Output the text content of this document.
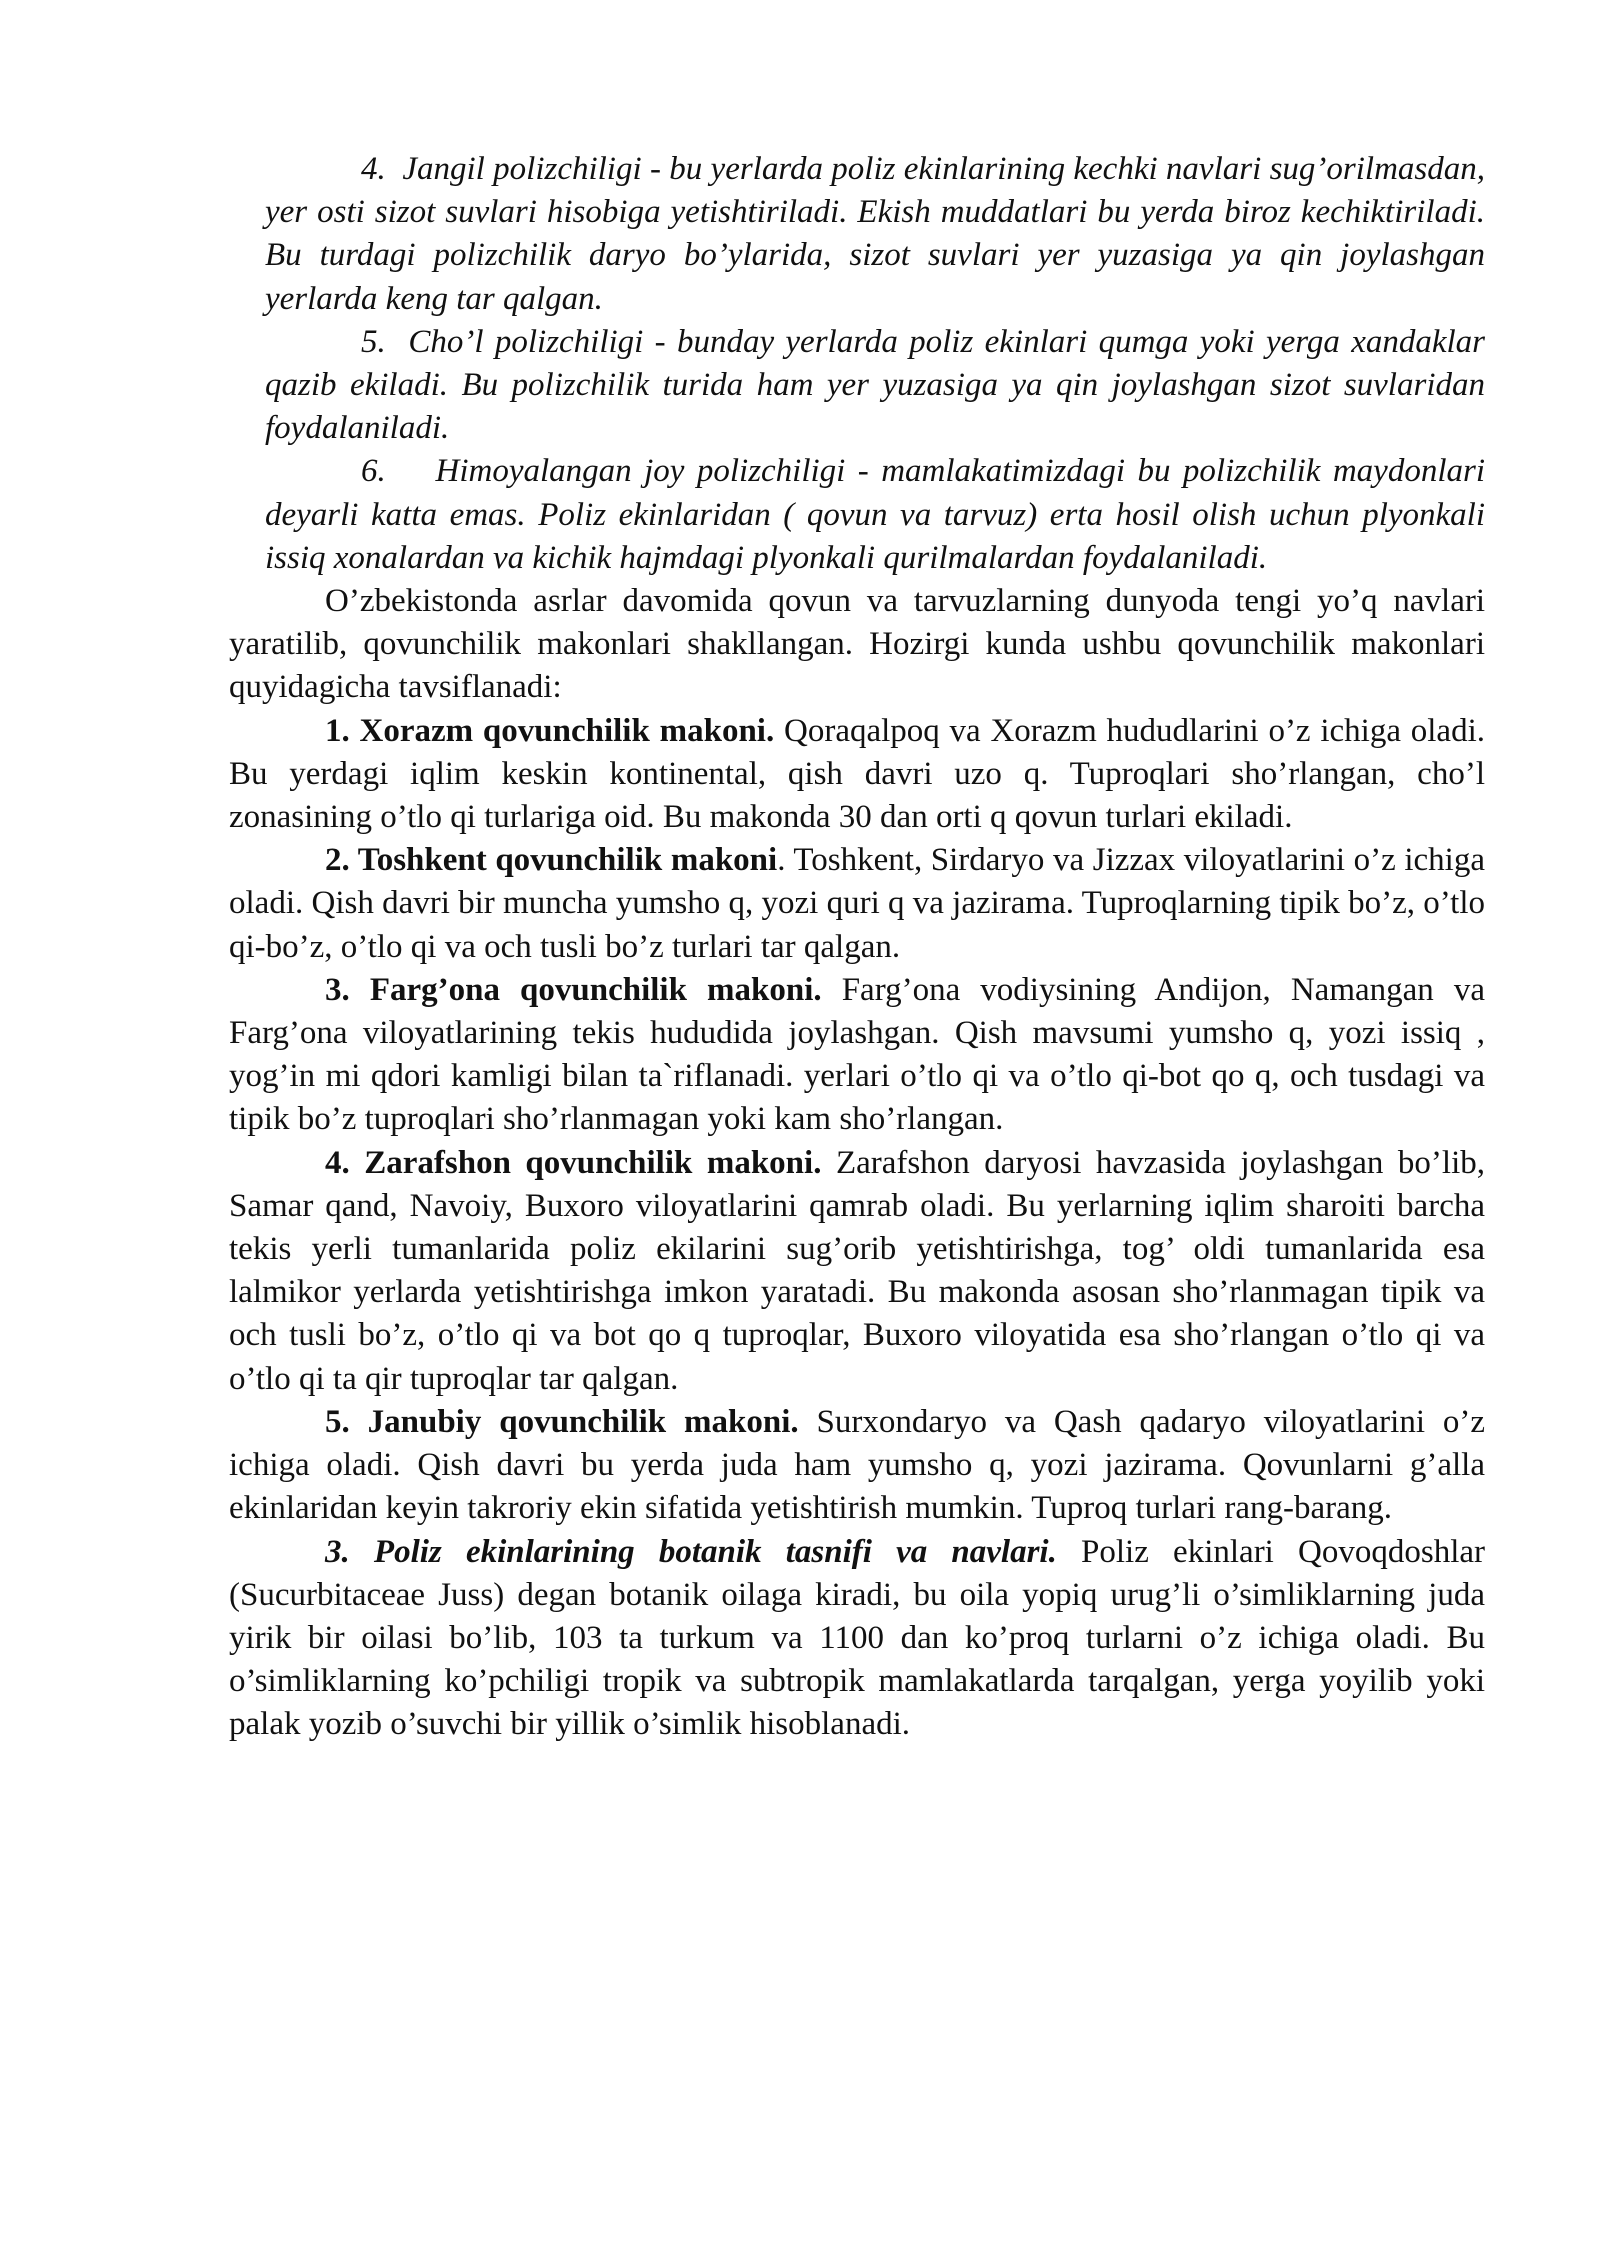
4. Jangil polizchiligi - bu yerlarda poliz ekinlarining kechki navlari sug’orilmasdan, yer osti sizot suvlari hisobiga yetishtiriladi. Ekish muddatlari bu yerda biroz kechiktiriladi. Bu turdagi polizchilik daryo bo’ylarida, sizot suvlari yer yuzasiga ya qin joylashgan yerlarda keng tar qalgan.

5. Cho’l polizchiligi - bunday yerlarda poliz ekinlari qumga yoki yerga xandaklar qazib ekiladi. Bu polizchilik turida ham yer yuzasiga ya qin joylashgan sizot suvlaridan foydalaniladi.

6. Himoyalangan joy polizchiligi - mamlakatimizdagi bu polizchilik maydonlari deyarli katta emas. Poliz ekinlaridan ( qovun va tarvuz) erta hosil olish uchun plyonkali issiq xonalardan va kichik hajmdagi plyonkali qurilmalardan foydalaniladi.

O’zbekistonda asrlar davomida qovun va tarvuzlarning dunyoda tengi yo’q navlari yaratilib, qovunchilik makonlari shakllangan. Hozirgi kunda ushbu qovunchilik makonlari quyidagicha tavsiflanadi:

1. Xorazm qovunchilik makoni. Qoraqalpoq va Xorazm hududlarini o’z ichiga oladi. Bu yerdagi iqlim keskin kontinental, qish davri uzo q. Tuproqlari sho’rlangan, cho’l zonasining o’tlo qi turlariga oid. Bu makonda 30 dan orti q qovun turlari ekiladi.

2. Toshkent qovunchilik makoni. Toshkent, Sirdaryo va Jizzax viloyatlarini o’z ichiga oladi. Qish davri bir muncha yumsho q, yozi quri q va jazirama. Tuproqlarning tipik bo’z, o’tlo qi-bo’z, o’tlo qi va och tusli bo’z turlari tar qalgan.

3. Farg’ona qovunchilik makoni. Farg’ona vodiysining Andijon, Namangan va Farg’ona viloyatlarining tekis hududida joylashgan. Qish mavsumi yumsho q, yozi issiq , yog’in mi qdori kamligi bilan ta`riflanadi. yerlari o’tlo qi va o’tlo qi-bot qo q, och tusdagi va tipik bo’z tuproqlari sho’rlanmagan yoki kam sho’rlangan.

4. Zarafshon qovunchilik makoni. Zarafshon daryosi havzasida joylashgan bo’lib, Samar qand, Navoiy, Buxoro viloyatlarini qamrab oladi. Bu yerlarning iqlim sharoiti barcha tekis yerli tumanlarida poliz ekilarini sug’orib yetishtirishga, tog’ oldi tumanlarida esa lalmikor yerlarda yetishtirishga imkon yaratadi. Bu makonda asosan sho’rlanmagan tipik va och tusli bo’z, o’tlo qi va bot qo q tuproqlar, Buxoro viloyatida esa sho’rlangan o’tlo qi va o’tlo qi ta qir tuproqlar tar qalgan.

5. Janubiy qovunchilik makoni. Surxondaryo va Qash qadaryo viloyatlarini o’z ichiga oladi. Qish davri bu yerda juda ham yumsho q, yozi jazirama. Qovunlarni g’alla ekinlaridan keyin takroriy ekin sifatida yetishtirish mumkin. Tuproq turlari rang-barang.

3. Poliz ekinlarining botanik tasnifi va navlari. Poliz ekinlari Qovoqdoshlar (Sucurbitaceae Juss) degan botanik oilaga kiradi, bu oila yopiq urug’li o’simliklarning juda yirik bir oilasi bo’lib, 103 ta turkum va 1100 dan ko’proq turlarni o’z ichiga oladi. Bu o’simliklarning ko’pchiligi tropik va subtropik mamlakatlarda tarqalgan, yerga yoyilib yoki palak yozib o’suvchi bir yillik o’simlik hisoblanadi.
